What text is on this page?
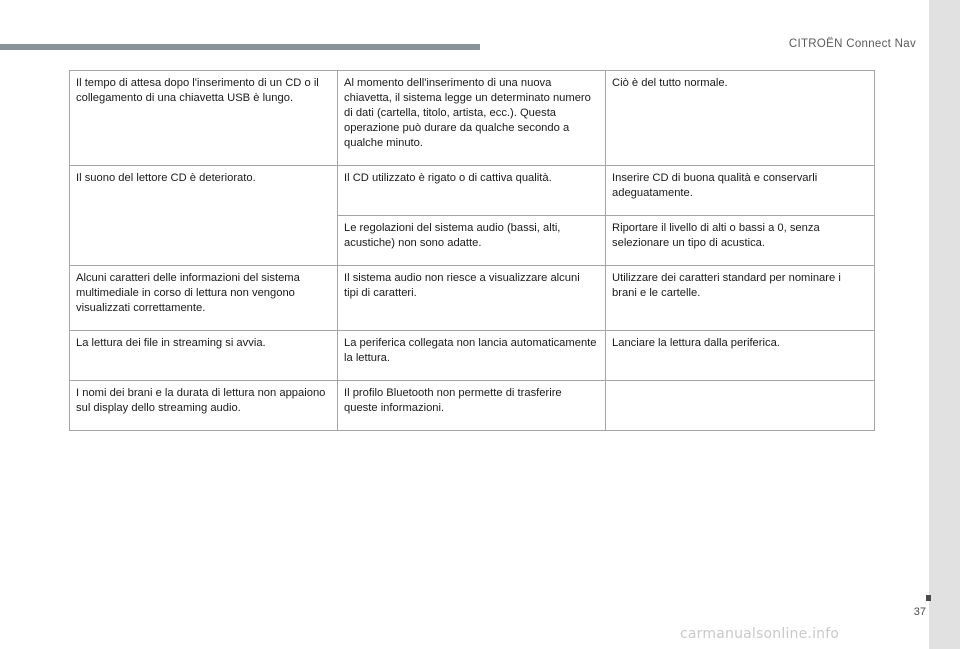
CITROËN Connect Nav
37
Il tempo di attesa dopo l'inserimento di un CD o il collegamento di una chiavetta USB è lungo.	Al momento dell'inserimento di una nuova chiavetta, il sistema legge un determinato numero di dati (cartella, titolo, artista, ecc.). Questa operazione può durare da qualche secondo a qualche minuto.	Ciò è del tutto normale.
Il suono del lettore CD è deteriorato.	Il CD utilizzato è rigato o di cattiva qualità.	Inserire CD di buona qualità e conservarli adeguatamente.
	Le regolazioni del sistema audio (bassi, alti, acustiche) non sono adatte.	Riportare il livello di alti o bassi a 0, senza selezionare un tipo di acustica.
Alcuni caratteri delle informazioni del sistema multimediale in corso di lettura non vengono visualizzati correttamente.	Il sistema audio non riesce a visualizzare alcuni tipi di caratteri.	Utilizzare dei caratteri standard per nominare i brani e le cartelle.
La lettura dei file in streaming si avvia.	La periferica collegata non lancia automaticamente la lettura.	Lanciare la lettura dalla periferica.
I nomi dei brani e la durata di lettura non appaiono sul display dello streaming audio.	Il profilo Bluetooth non permette di trasferire queste informazioni.	
carmanualsonline.info
